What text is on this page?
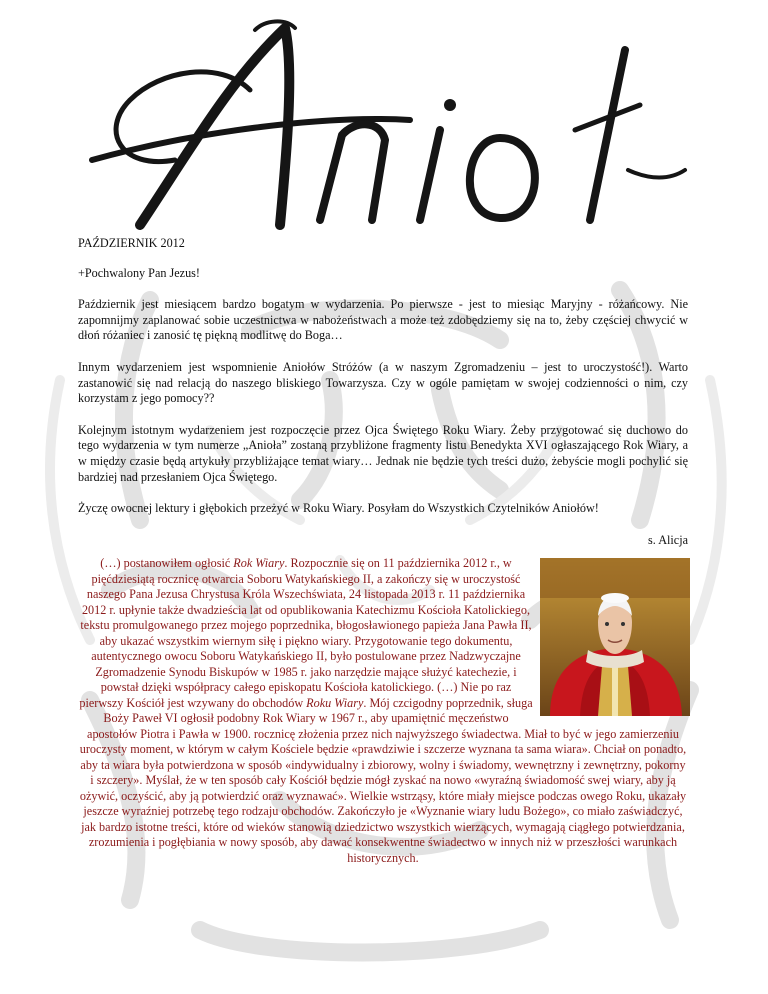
PAŹDZIERNIK 2012

+Pochwalony Pan Jezus!

Październik jest miesiącem bardzo bogatym w wydarzenia. Po pierwsze - jest to miesiąc Maryjny - różańcowy. Nie zapomnijmy zaplanować sobie uczestnictwa w nabożeństwach a może też zdobędziemy się na to, żeby częściej chwycić w dłoń różaniec i zanosić tę piękną modlitwę do Boga…

Innym wydarzeniem jest wspomnienie Aniołów Stróżów (a w naszym Zgromadzeniu – jest to uroczystość!). Warto zastanowić się nad relacją do naszego bliskiego Towarzysza. Czy w ogóle pamiętam w swojej codzienności o nim, czy korzystam z jego pomocy??

Kolejnym istotnym wydarzeniem jest rozpoczęcie przez Ojca Świętego Roku Wiary. Żeby przygotować się duchowo do tego wydarzenia w tym numerze „Anioła” zostaną przybliżone fragmenty listu Benedykta XVI ogłaszającego Rok Wiary, a w między czasie będą artykuły przybliżające temat wiary… Jednak nie będzie tych treści dużo, żebyście mogli pochylić się bardziej nad przesłaniem Ojca Świętego.

Życzę owocnej lektury i głębokich przeżyć w Roku Wiary. Posyłam do Wszystkich Czytelników Aniołów!

s. Alicja

(…) postanowiłem ogłosić Rok Wiary. Rozpocznie się on 11 października 2012 r., w pięćdziesiątą rocznicę otwarcia Soboru Watykańskiego II, a zakończy się w uroczystość naszego Pana Jezusa Chrystusa Króla Wszechświata, 24 listopada 2013 r. 11 października 2012 r. upłynie także dwadzieścia lat od opublikowania Katechizmu Kościoła Katolickiego, tekstu promulgowanego przez mojego poprzednika, błogosławionego papieża Jana Pawła II, aby ukazać wszystkim wiernym siłę i piękno wiary. Przygotowanie tego dokumentu, autentycznego owocu Soboru Watykańskiego II, było postulowane przez Nadzwyczajne Zgromadzenie Synodu Biskupów w 1985 r. jako narzędzie mające służyć katechezie, i powstał dzięki współpracy całego episkopatu Kościoła katolickiego. (…) Nie po raz pierwszy Kościół jest wzywany do obchodów Roku Wiary. Mój czcigodny poprzednik, sługa Boży Paweł VI ogłosił podobny Rok Wiary w 1967 r., aby upamiętnić męczeństwo apostołów Piotra i Pawła w 1900. rocznicę złożenia przez nich najwyższego świadectwa. Miał to być w jego zamierzeniu uroczysty moment, w którym w całym Kościele będzie «prawdziwie i szczerze wyznana ta sama wiara». Chciał on ponadto, aby ta wiara była potwierdzona w sposób «indywidualny i zbiorowy, wolny i świadomy, wewnętrzny i zewnętrzny, pokorny i szczery». Myślał, że w ten sposób cały Kościół będzie mógł zyskać na nowo «wyraźną świadomość swej wiary, aby ją ożywić, oczyścić, aby ją potwierdzić oraz wyznawać». Wielkie wstrząsy, które miały miejsce podczas owego Roku, ukazały jeszcze wyraźniej potrzebę tego rodzaju obchodów. Zakończyło je «Wyznanie wiary ludu Bożego», co miało zaświadczyć, jak bardzo istotne treści, które od wieków stanowią dziedzictwo wszystkich wierzących, wymagają ciągłego potwierdzania, zrozumienia i pogłębiania w nowy sposób, aby dawać konsekwentne świadectwo w innych niż w przeszłości warunkach historycznych.
